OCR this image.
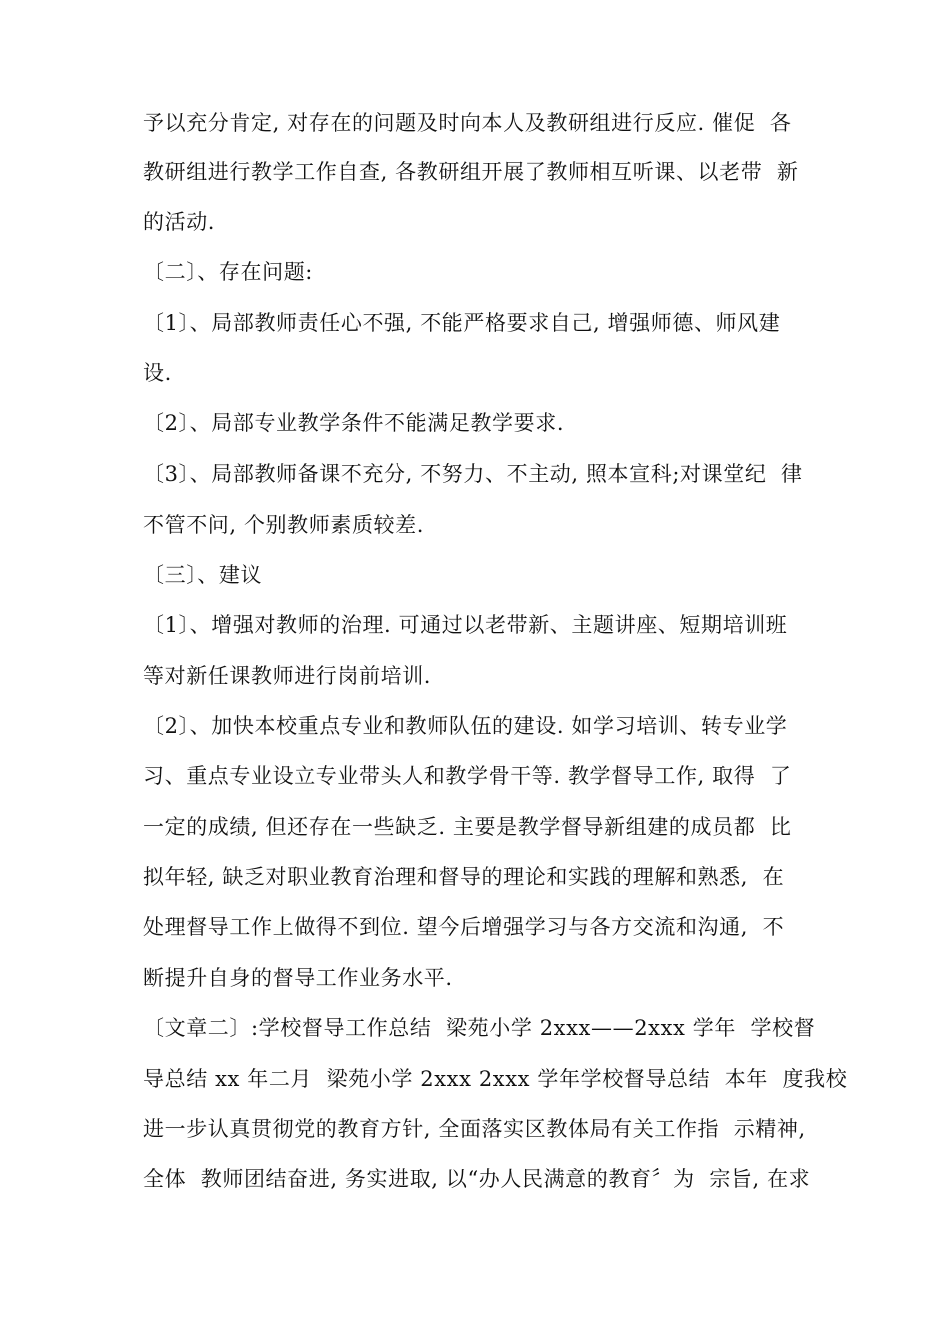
予以充分肯定, 对存在的问题及时向本人及教研组进行反应. 催促  各

教研组进行教学工作自查, 各教研组开展了教师相互听课、以老带  新

的活动.

〔二〕、存在问题:

〔1〕、局部教师责任心不强, 不能严格要求自己, 增强师德、师风建

设.

〔2〕、局部专业教学条件不能满足教学要求.

〔3〕、局部教师备课不充分, 不努力、不主动, 照本宣科;对课堂纪  律

不管不问, 个别教师素质较差.

〔三〕、建议

〔1〕、增强对教师的治理. 可通过以老带新、主题讲座、短期培训班

等对新任课教师进行岗前培训.

〔2〕、加快本校重点专业和教师队伍的建设. 如学习培训、转专业学

习、重点专业设立专业带头人和教学骨干等. 教学督导工作, 取得  了

一定的成绩, 但还存在一些缺乏. 主要是教学督导新组建的成员都  比

拟年轻, 缺乏对职业教育治理和督导的理论和实践的理解和熟悉,  在

处理督导工作上做得不到位. 望今后增强学习与各方交流和沟通,  不

断提升自身的督导工作业务水平.

〔文章二〕:学校督导工作总结  梁苑小学 2xxx——2xxx 学年  学校督

导总结 xx 年二月  梁苑小学 2xxx 2xxx 学年学校督导总结  本年  度我校

进一步认真贯彻党的教育方针, 全面落实区教体局有关工作指  示精神,

全体  教师团结奋进, 务实进取, 以“办人民满意的教育〞为  宗旨, 在求
